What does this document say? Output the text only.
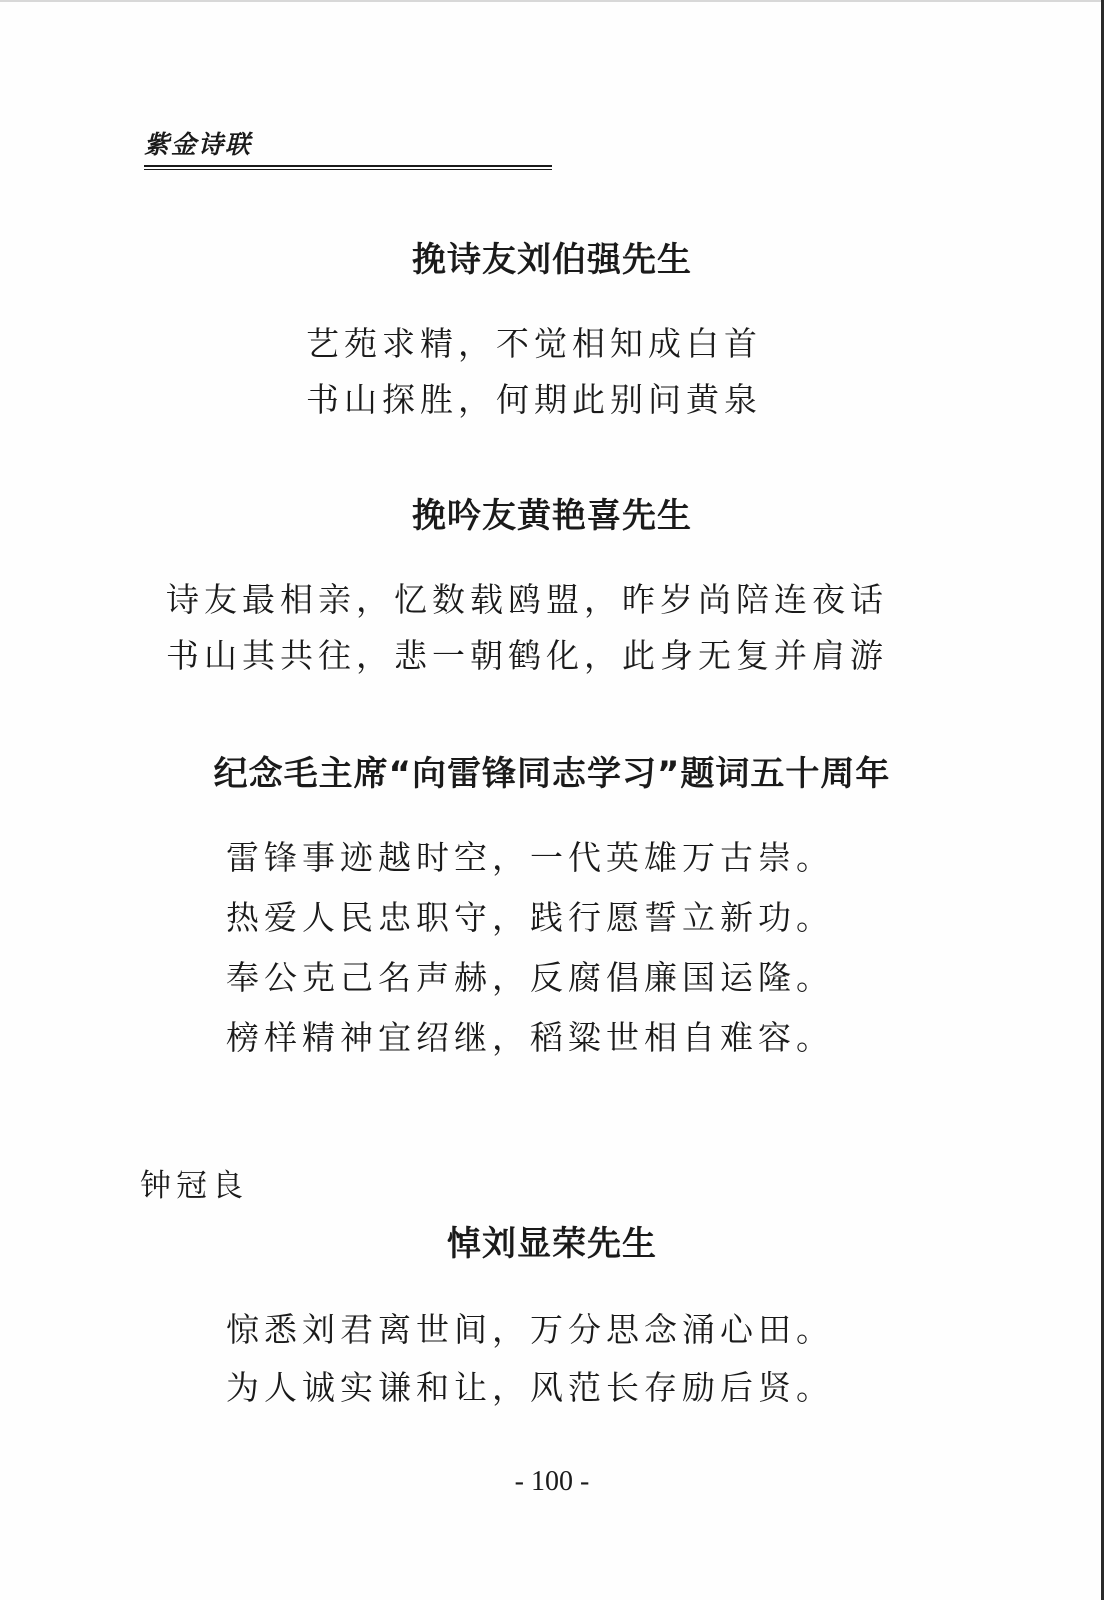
紫金诗联

挽诗友刘伯强先生

艺苑求精，不觉相知成白首

书山探胜，何期此别问黄泉

挽吟友黄艳喜先生

诗友最相亲，忆数载鸥盟，昨岁尚陪连夜话

书山其共往，悲一朝鹤化，此身无复并肩游

纪念毛主席“向雷锋同志学习”题词五十周年

雷锋事迹越时空，一代英雄万古崇。

热爱人民忠职守，践行愿誓立新功。

奉公克己名声赫，反腐倡廉国运隆。

榜样精神宜绍继，稻粱世相自难容。

钟冠良

悼刘显荣先生

惊悉刘君离世间，万分思念涌心田。

为人诚实谦和让，风范长存励后贤。

- 100 -
